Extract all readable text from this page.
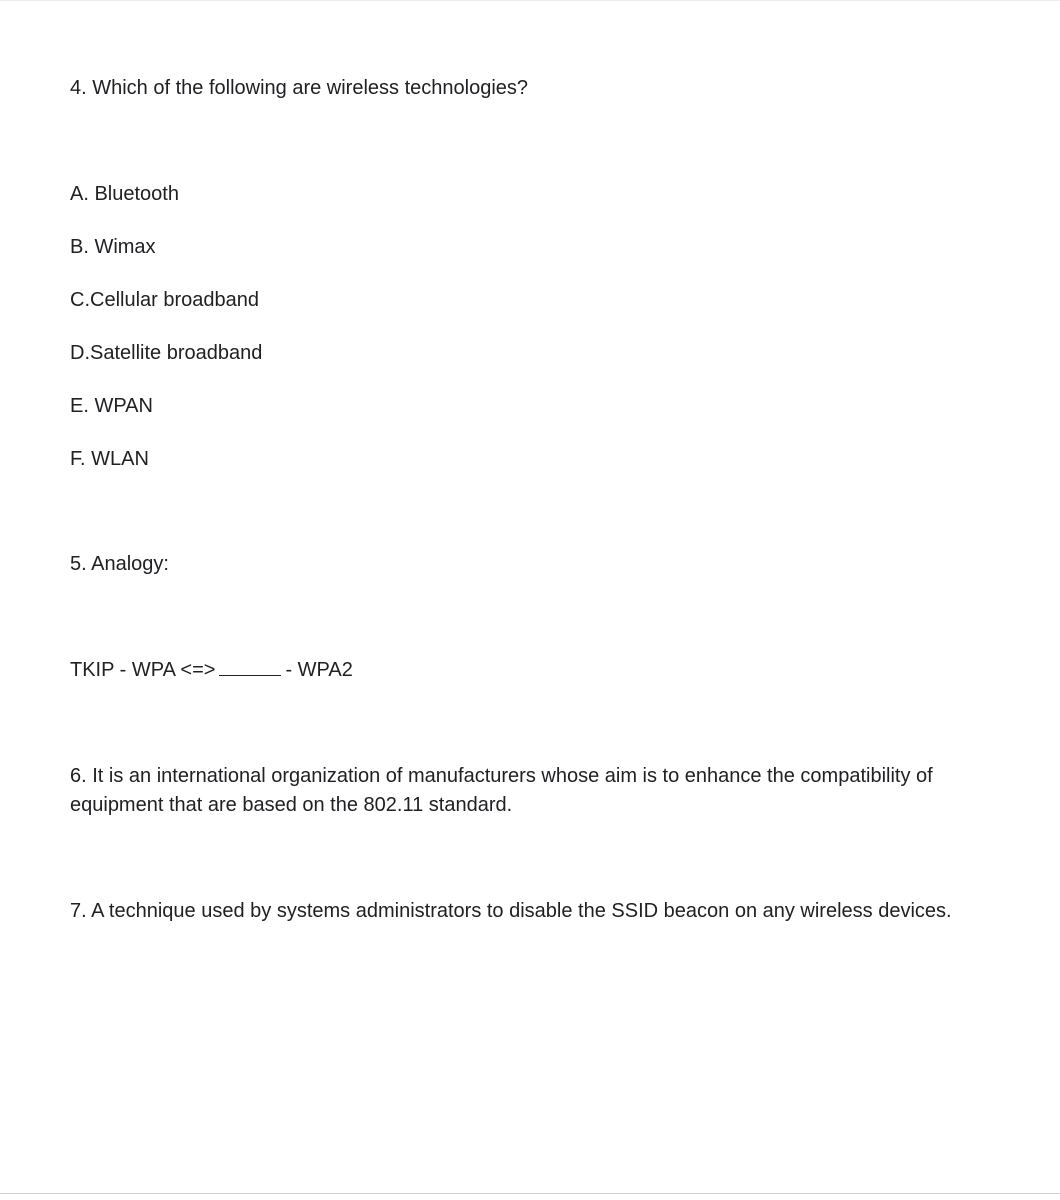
4. Which of the following are wireless technologies?
A. Bluetooth
B. Wimax
C.Cellular broadband
D.Satellite broadband
E. WPAN
F. WLAN
5. Analogy:
TKIP - WPA <=>	- WPA2
6. It is an international organization of manufacturers whose aim is to enhance the compatibility of equipment that are based on the 802.11 standard.
7. A technique used by systems administrators to disable the SSID beacon on any wireless devices.
